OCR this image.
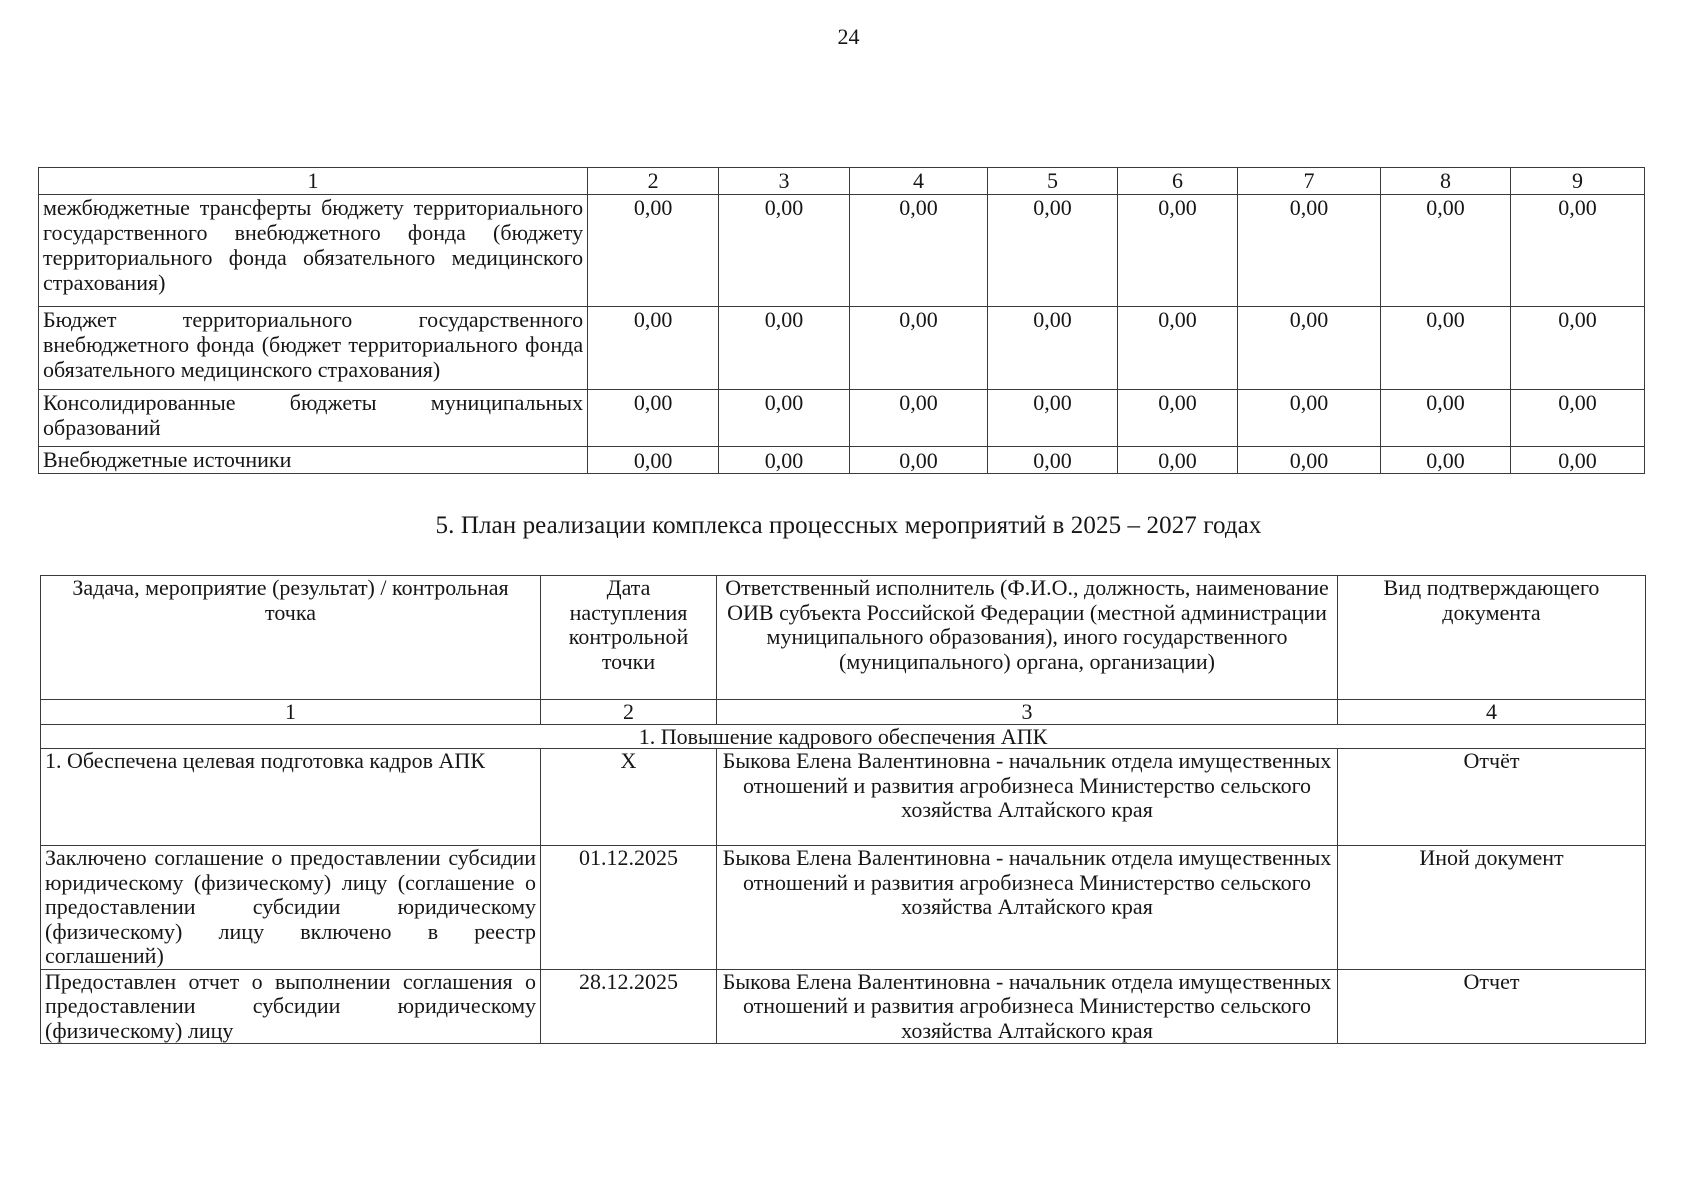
24
1	2	3	4	5	6	7	8	9
межбюджетные трансферты бюджету территориального государственного внебюджетного фонда (бюджету территориального фонда обязательного медицинского страхования)	0,00	0,00	0,00	0,00	0,00	0,00	0,00	0,00
Бюджет территориального государственного внебюджетного фонда (бюджет территориального фонда обязательного медицинского страхования)	0,00	0,00	0,00	0,00	0,00	0,00	0,00	0,00
Консолидированные бюджеты муниципальных образований	0,00	0,00	0,00	0,00	0,00	0,00	0,00	0,00
Внебюджетные источники	0,00	0,00	0,00	0,00	0,00	0,00	0,00	0,00
5. План реализации комплекса процессных мероприятий в 2025 – 2027 годах
Задача, мероприятие (результат) / контрольная точка	Дата наступления контрольной точки	Ответственный исполнитель (Ф.И.О., должность, наименование ОИВ субъекта Российской Федерации (местной администрации муниципального образования), иного государственного (муниципального) органа, организации)	Вид подтверждающего документа
1	2	3	4
1. Повышение кадрового обеспечения АПК			
1. Обеспечена целевая подготовка кадров АПК	X	Быкова Елена Валентиновна - начальник отдела имущественных отношений и развития агробизнеса Министерство сельского хозяйства Алтайского края	Отчёт
Заключено соглашение о предоставлении субсидии юридическому (физическому) лицу (соглашение о предоставлении субсидии юридическому (физическому) лицу включено в реестр соглашений)	01.12.2025	Быкова Елена Валентиновна - начальник отдела имущественных отношений и развития агробизнеса Министерство сельского хозяйства Алтайского края	Иной документ
Предоставлен отчет о выполнении соглашения о предоставлении субсидии юридическому (физическому) лицу	28.12.2025	Быкова Елена Валентиновна - начальник отдела имущественных отношений и развития агробизнеса Министерство сельского хозяйства Алтайского края	Отчет
